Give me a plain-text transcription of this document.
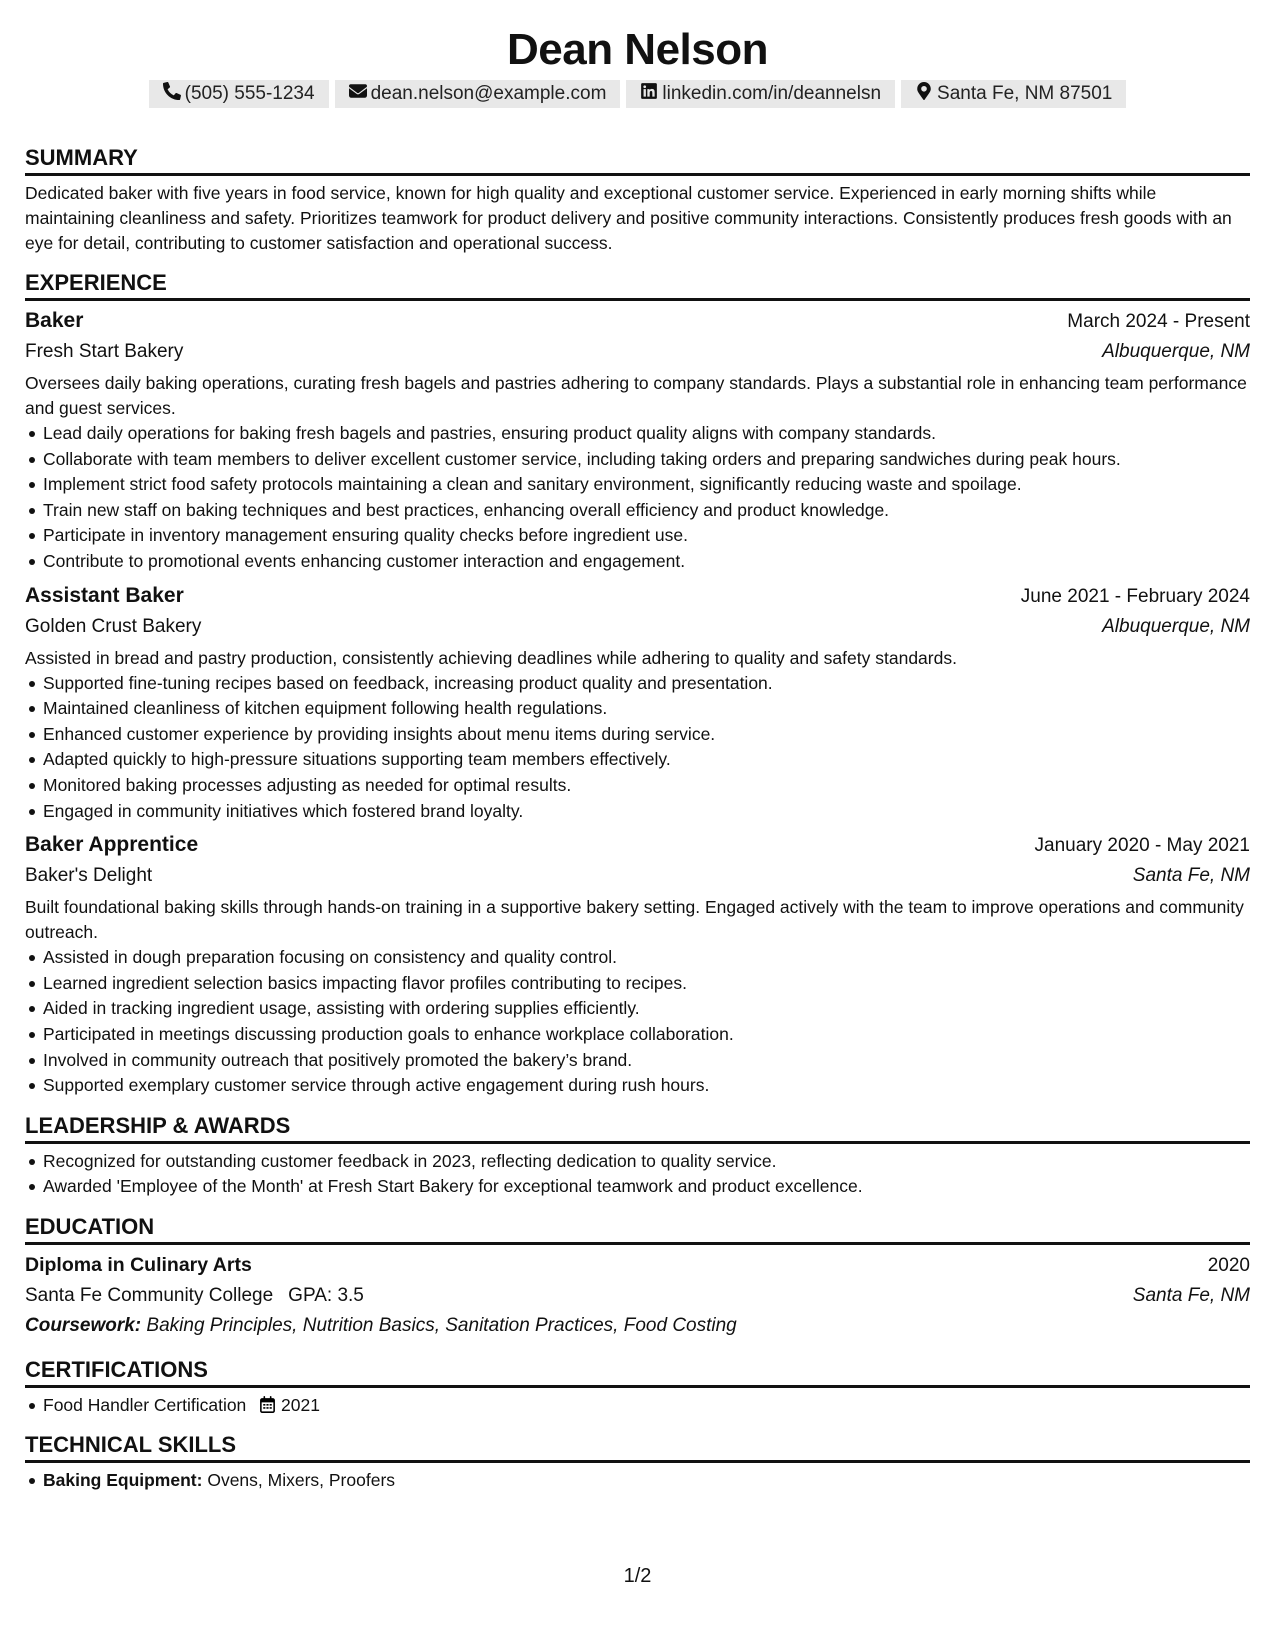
Dean Nelson
(505) 555-1234	dean.nelson@example.com	linkedin.com/in/deannelsn	Santa Fe, NM 87501
SUMMARY

Dedicated baker with five years in food service, known for high quality and exceptional customer service. Experienced in early morning shifts while maintaining cleanliness and safety. Prioritizes teamwork for product delivery and positive community interactions. Consistently produces fresh goods with an eye for detail, contributing to customer satisfaction and operational success.

EXPERIENCE
Baker	March 2024 - Present
Fresh Start Bakery	Albuquerque, NM

Oversees daily baking operations, curating fresh bagels and pastries adhering to company standards. Plays a substantial role in enhancing team performance and guest services.

Lead daily operations for baking fresh bagels and pastries, ensuring product quality aligns with company standards.
Collaborate with team members to deliver excellent customer service, including taking orders and preparing sandwiches during peak hours.
Implement strict food safety protocols maintaining a clean and sanitary environment, significantly reducing waste and spoilage.
Train new staff on baking techniques and best practices, enhancing overall efficiency and product knowledge.
Participate in inventory management ensuring quality checks before ingredient use.
Contribute to promotional events enhancing customer interaction and engagement.
Assistant Baker	June 2021 - February 2024
Golden Crust Bakery	Albuquerque, NM

Assisted in bread and pastry production, consistently achieving deadlines while adhering to quality and safety standards.

Supported fine-tuning recipes based on feedback, increasing product quality and presentation.
Maintained cleanliness of kitchen equipment following health regulations.
Enhanced customer experience by providing insights about menu items during service.
Adapted quickly to high-pressure situations supporting team members effectively.
Monitored baking processes adjusting as needed for optimal results.
Engaged in community initiatives which fostered brand loyalty.
Baker Apprentice	January 2020 - May 2021
Baker's Delight	Santa Fe, NM

Built foundational baking skills through hands-on training in a supportive bakery setting. Engaged actively with the team to improve operations and community outreach.

Assisted in dough preparation focusing on consistency and quality control.
Learned ingredient selection basics impacting flavor profiles contributing to recipes.
Aided in tracking ingredient usage, assisting with ordering supplies efficiently.
Participated in meetings discussing production goals to enhance workplace collaboration.
Involved in community outreach that positively promoted the bakery’s brand.
Supported exemplary customer service through active engagement during rush hours.
LEADERSHIP & AWARDS
Recognized for outstanding customer feedback in 2023, reflecting dedication to quality service.
Awarded 'Employee of the Month' at Fresh Start Bakery for exceptional teamwork and product excellence.
EDUCATION
Diploma in Culinary Arts	2020
Santa Fe Community College GPA: 3.5	Santa Fe, NM
Coursework: Baking Principles, Nutrition Basics, Sanitation Practices, Food Costing
CERTIFICATIONS
Food Handler Certification 2021
TECHNICAL SKILLS
Baking Equipment: Ovens, Mixers, Proofers
1/2
